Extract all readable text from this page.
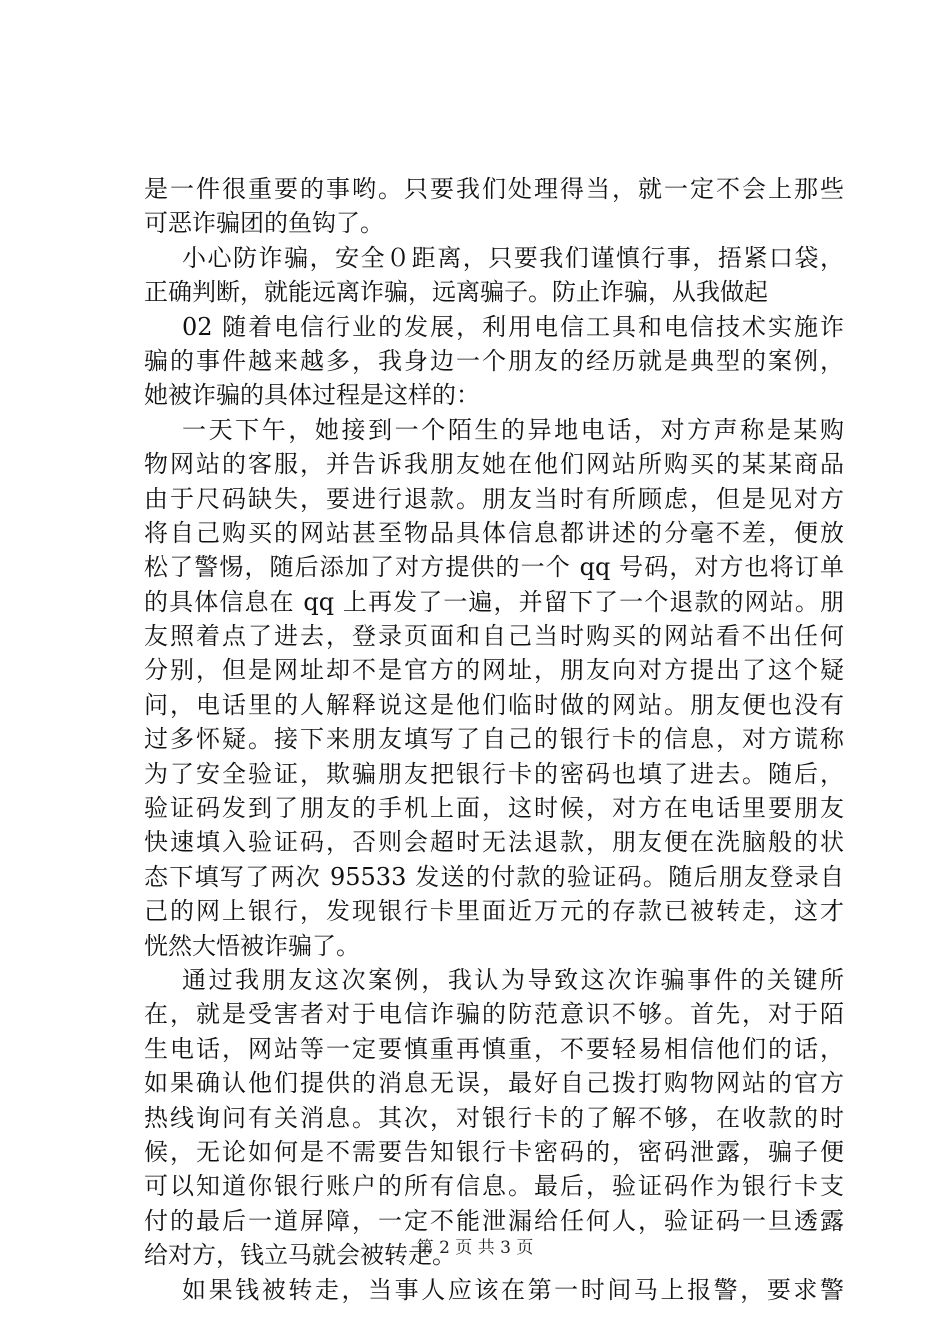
是一件很重要的事哟。只要我们处理得当，就一定不会上那些
可恶诈骗团的鱼钩了。
小心防诈骗，安全０距离，只要我们谨慎行事，捂紧口袋，
正确判断，就能远离诈骗，远离骗子。防止诈骗，从我做起
02 随着电信行业的发展，利用电信工具和电信技术实施诈
骗的事件越来越多，我身边一个朋友的经历就是典型的案例，
她被诈骗的具体过程是这样的：
一天下午，她接到一个陌生的异地电话，对方声称是某购
物网站的客服，并告诉我朋友她在他们网站所购买的某某商品
由于尺码缺失，要进行退款。朋友当时有所顾虑，但是见对方
将自己购买的网站甚至物品具体信息都讲述的分毫不差，便放
松了警惕，随后添加了对方提供的一个 qq 号码，对方也将订单
的具体信息在 qq 上再发了一遍，并留下了一个退款的网站。朋
友照着点了进去，登录页面和自己当时购买的网站看不出任何
分别，但是网址却不是官方的网址，朋友向对方提出了这个疑
问，电话里的人解释说这是他们临时做的网站。朋友便也没有
过多怀疑。接下来朋友填写了自己的银行卡的信息，对方谎称
为了安全验证，欺骗朋友把银行卡的密码也填了进去。随后，
验证码发到了朋友的手机上面，这时候，对方在电话里要朋友
快速填入验证码，否则会超时无法退款，朋友便在洗脑般的状
态下填写了两次 95533 发送的付款的验证码。随后朋友登录自
己的网上银行，发现银行卡里面近万元的存款已被转走，这才
恍然大悟被诈骗了。
通过我朋友这次案例，我认为导致这次诈骗事件的关键所
在，就是受害者对于电信诈骗的防范意识不够。首先，对于陌
生电话，网站等一定要慎重再慎重，不要轻易相信他们的话，
如果确认他们提供的消息无误，最好自己拨打购物网站的官方
热线询问有关消息。其次，对银行卡的了解不够，在收款的时
候，无论如何是不需要告知银行卡密码的，密码泄露，骗子便
可以知道你银行账户的所有信息。最后，验证码作为银行卡支
付的最后一道屏障，一定不能泄漏给任何人，验证码一旦透露
给对方，钱立马就会被转走。
如果钱被转走，当事人应该在第一时间马上报警，要求警
第 2 页 共 3 页
